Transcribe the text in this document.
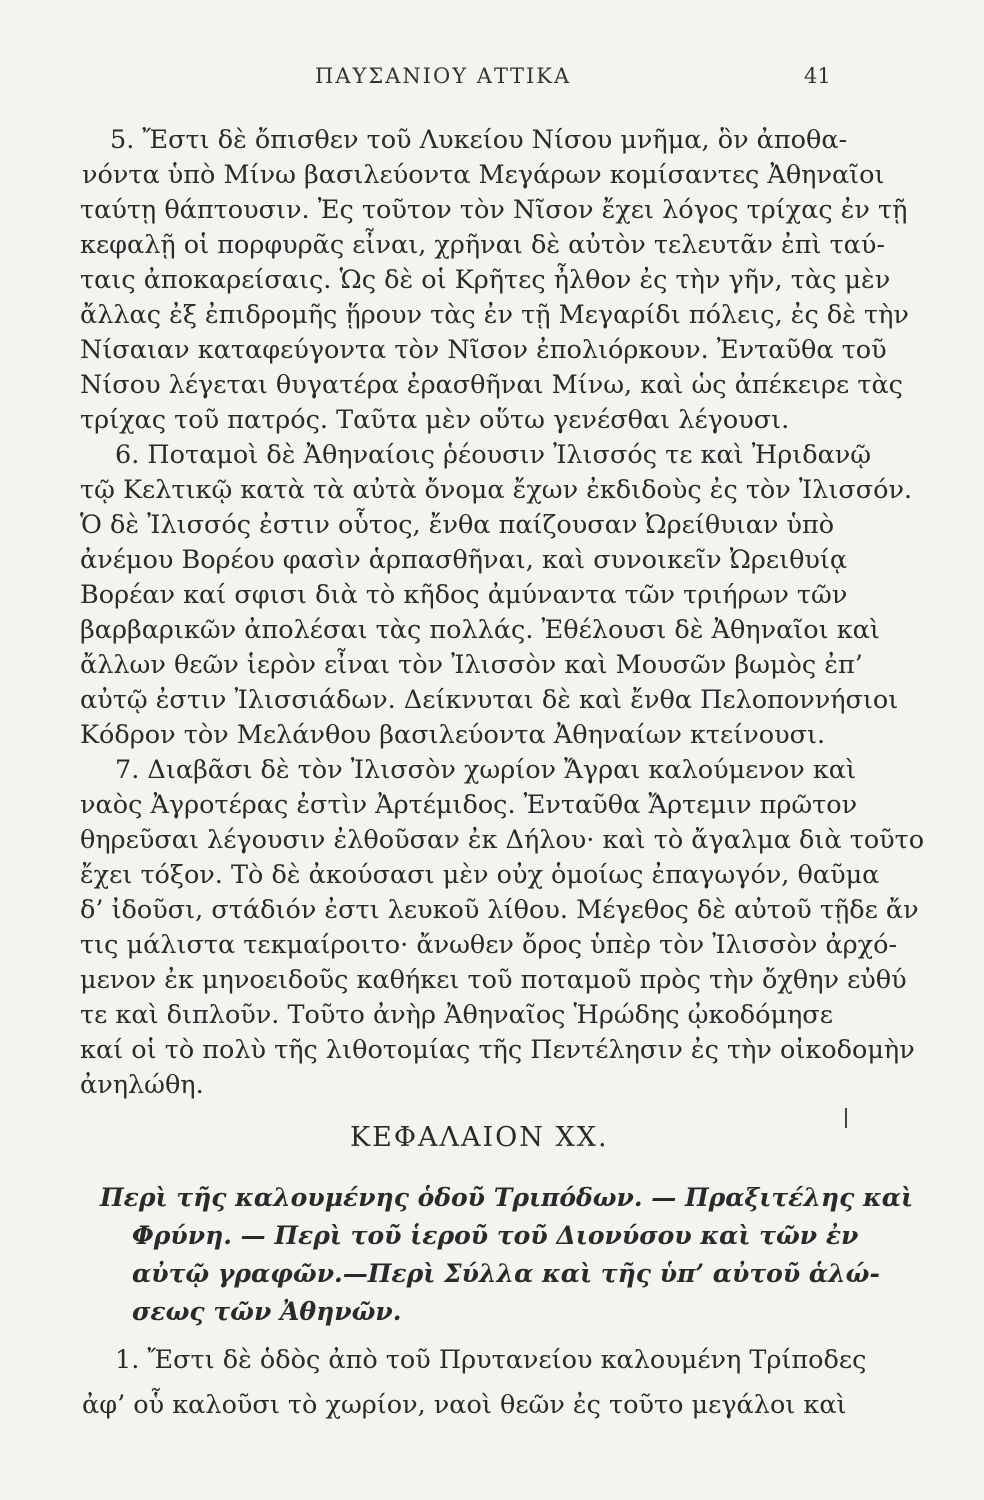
ΠΑΥΣΑΝΙΟΥ ΑΤΤΙΚΑ	41
5. Ἔστι δὲ ὄπισθεν τοῦ Λυκείου Νίσου μνῆμα, ὃν ἀποθα-
νόντα ὑπὸ Μίνω βασιλεύοντα Μεγάρων κομίσαντες Ἀθηναῖοι
ταύτῃ θάπτουσιν. Ἐς τοῦτον τὸν Νῖσον ἔχει λόγος τρίχας ἐν τῇ
κεφαλῇ οἱ πορφυρᾶς εἶναι, χρῆναι δὲ αὐτὸν τελευτᾶν ἐπὶ ταύ-
ταις ἀποκαρείσαις. Ὡς δὲ οἱ Κρῆτες ἦλθον ἐς τὴν γῆν, τὰς μὲν
ἄλλας ἐξ ἐπιδρομῆς ᾕρουν τὰς ἐν τῇ Μεγαρίδι πόλεις, ἐς δὲ τὴν
Νίσαιαν καταφεύγοντα τὸν Νῖσον ἐπολιόρκουν. Ἐνταῦθα τοῦ
Νίσου λέγεται θυγατέρα ἐρασθῆναι Μίνω, καὶ ὡς ἀπέκειρε τὰς
τρίχας τοῦ πατρός. Ταῦτα μὲν οὕτω γενέσθαι λέγουσι.
6. Ποταμοὶ δὲ Ἀθηναίοις ῥέουσιν Ἰλισσός τε καὶ Ἠριδανῷ
τῷ Κελτικῷ κατὰ τὰ αὐτὰ ὄνομα ἔχων ἐκδιδοὺς ἐς τὸν Ἰλισσόν.
Ὁ δὲ Ἰλισσός ἐστιν οὗτος, ἔνθα παίζουσαν Ὠρείθυιαν ὑπὸ
ἀνέμου Βορέου φασὶν ἁρπασθῆναι, καὶ συνοικεῖν Ὠρειθυίᾳ
Βορέαν καί σφισι διὰ τὸ κῆδος ἀμύναντα τῶν τριήρων τῶν
βαρβαρικῶν ἀπολέσαι τὰς πολλάς. Ἐθέλουσι δὲ Ἀθηναῖοι καὶ
ἄλλων θεῶν ἱερὸν εἶναι τὸν Ἰλισσὸν καὶ Μουσῶν βωμὸς ἐπ’
αὐτῷ ἐστιν Ἰλισσιάδων. Δείκνυται δὲ καὶ ἔνθα Πελοποννήσιοι
Κόδρον τὸν Μελάνθου βασιλεύοντα Ἀθηναίων κτείνουσι.
7. Διαβᾶσι δὲ τὸν Ἰλισσὸν χωρίον Ἄγραι καλούμενον καὶ
ναὸς Ἀγροτέρας ἐστὶν Ἀρτέμιδος. Ἐνταῦθα Ἄρτεμιν πρῶτον
θηρεῦσαι λέγουσιν ἐλθοῦσαν ἐκ Δήλου· καὶ τὸ ἄγαλμα διὰ τοῦτο
ἔχει τόξον. Τὸ δὲ ἀκούσασι μὲν οὐχ ὁμοίως ἐπαγωγόν, θαῦμα
δ’ ἰδοῦσι, στάδιόν ἐστι λευκοῦ λίθου. Μέγεθος δὲ αὐτοῦ τῇδε ἄν
τις μάλιστα τεκμαίροιτο· ἄνωθεν ὄρος ὑπὲρ τὸν Ἰλισσὸν ἀρχό-
μενον ἐκ μηνοειδοῦς καθήκει τοῦ ποταμοῦ πρὸς τὴν ὄχθην εὐθύ
τε καὶ διπλοῦν. Τοῦτο ἀνὴρ Ἀθηναῖος Ἡρώδης ᾠκοδόμησε
καί οἱ τὸ πολὺ τῆς λιθοτομίας τῆς Πεντέλησιν ἐς τὴν οἰκοδομὴν
ἀνηλώθη.
ΚΕΦΑΛΑΙΟΝ XX.
Περὶ τῆς καλουμένης ὁδοῦ Τριπόδων. — Πραξιτέλης καὶ
Φρύνη. — Περὶ τοῦ ἱεροῦ τοῦ Διονύσου καὶ τῶν ἐν
αὐτῷ γραφῶν.—Περὶ Σύλλα καὶ τῆς ὑπ’ αὐτοῦ ἁλώ-
σεως τῶν Ἀθηνῶν.
1. Ἔστι δὲ ὁδὸς ἀπὸ τοῦ Πρυτανείου καλουμένη Τρίποδες
ἀφ’ οὗ καλοῦσι τὸ χωρίον, ναοὶ θεῶν ἐς τοῦτο μεγάλοι καὶ
